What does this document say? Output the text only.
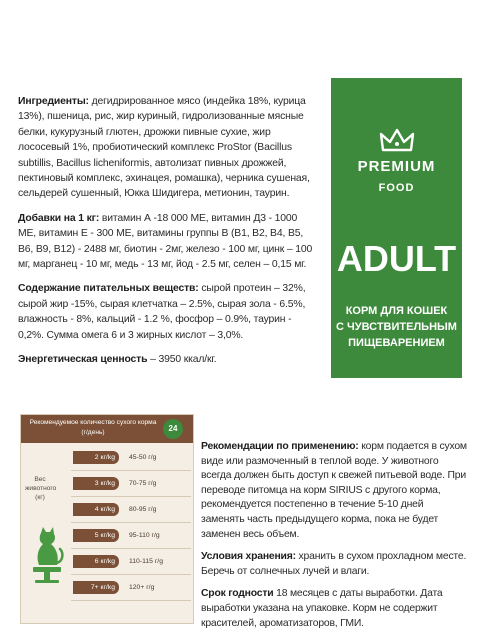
Ингредиенты: дегидрированное мясо (индейка 18%, курица 13%), пшеница, рис, жир куриный, гидролизованные мясные белки, кукурузный глютен, дрожжи пивные сухие, жир лососевый 1%, пробиотический комплекс ProStor (Bacillus subtillis, Bacillus licheniformis, автолизат пивных дрожжей, пектиновый комплекс, эхинацея, ромашка), черника сушеная, сельдерей сушенный, Юкка Шидигера, метионин, таурин.

Добавки на 1 кг: витамин А -18 000 МЕ, витамин Д3 - 1000 МЕ, витамин Е - 300 МЕ, витамины группы В (В1, В2, В4, В5, В6, В9, В12) - 2488 мг, биотин - 2мг, железо - 100 мг, цинк – 100 мг, марганец - 10 мг, медь - 13 мг, йод - 2.5 мг, селен – 0,15 мг.

Содержание питательных веществ: сырой протеин – 32%, сырой жир -15%, сырая клетчатка – 2.5%, сырая зола - 6.5%, влажность - 8%, кальций - 1.2 %, фосфор – 0.9%, таурин - 0,2%. Сумма омега 6 и 3 жирных кислот – 3,0%.

Энергетическая ценность – 3950 ккал/кг.

PREMIUM
FOOD
ADULT
КОРМ ДЛЯ КОШЕК
С ЧУВСТВИТЕЛЬНЫМ
ПИЩЕВАРЕНИЕМ
Рекомендуемое количество сухого корма (г/день)	24
Вес животного (кг)
2 кг/kg	45-50 г/g
3 кг/kg	70-75 г/g
4 кг/kg	80-95 г/g
5 кг/kg	95-110 г/g
6 кг/kg	110-115 г/g
7+ кг/kg	120+ г/g

Рекомендации по применению: корм подается в сухом виде или размоченный в теплой воде. У животного всегда должен быть доступ к свежей питьевой воде. При переводе питомца на корм SIRIUS с другого корма, рекомендуется постепенно в течение 5-10 дней заменять часть предыдущего корма, пока не будет заменен весь объем.

Условия хранения: хранить в сухом прохладном месте. Беречь от солнечных лучей и влаги.

Срок годности 18 месяцев с даты выработки. Дата выработки указана на упаковке. Корм не содержит красителей, ароматизаторов, ГМИ.
